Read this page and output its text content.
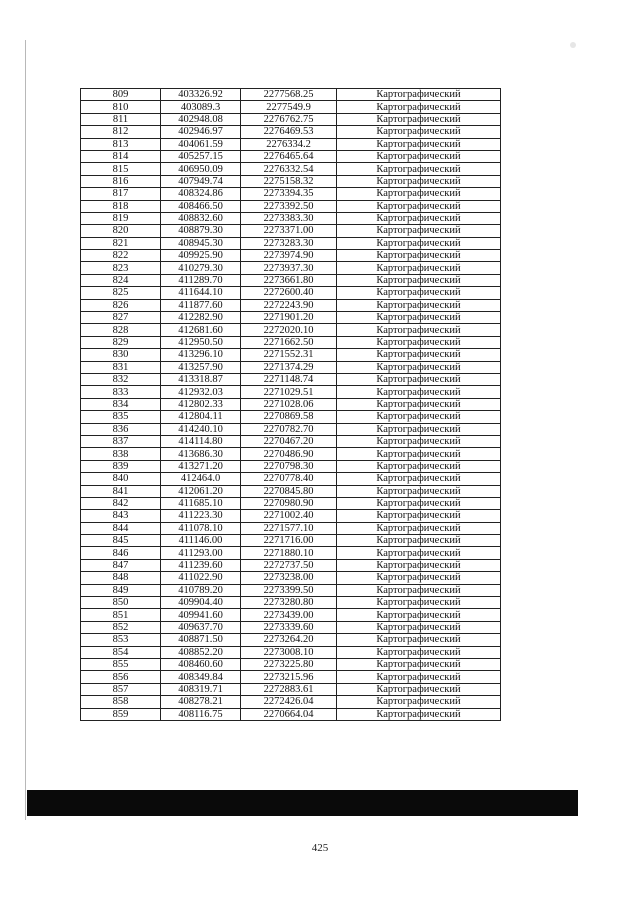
809	403326.92	2277568.25	Картографический
810	403089.3	2277549.9	Картографический
811	402948.08	2276762.75	Картографический
812	402946.97	2276469.53	Картографический
813	404061.59	2276334.2	Картографический
814	405257.15	2276465.64	Картографический
815	406950.09	2276332.54	Картографический
816	407949.74	2275158.32	Картографический
817	408324.86	2273394.35	Картографический
818	408466.50	2273392.50	Картографический
819	408832.60	2273383.30	Картографический
820	408879.30	2273371.00	Картографический
821	408945.30	2273283.30	Картографический
822	409925.90	2273974.90	Картографический
823	410279.30	2273937.30	Картографический
824	411289.70	2273661.80	Картографический
825	411644.10	2272600.40	Картографический
826	411877.60	2272243.90	Картографический
827	412282.90	2271901.20	Картографический
828	412681.60	2272020.10	Картографический
829	412950.50	2271662.50	Картографический
830	413296.10	2271552.31	Картографический
831	413257.90	2271374.29	Картографический
832	413318.87	2271148.74	Картографический
833	412932.03	2271029.51	Картографический
834	412802.33	2271028.06	Картографический
835	412804.11	2270869.58	Картографический
836	414240.10	2270782.70	Картографический
837	414114.80	2270467.20	Картографический
838	413686.30	2270486.90	Картографический
839	413271.20	2270798.30	Картографический
840	412464.0	2270778.40	Картографический
841	412061.20	2270845.80	Картографический
842	411685.10	2270980.90	Картографический
843	411223.30	2271002.40	Картографический
844	411078.10	2271577.10	Картографический
845	411146.00	2271716.00	Картографический
846	411293.00	2271880.10	Картографический
847	411239.60	2272737.50	Картографический
848	411022.90	2273238.00	Картографический
849	410789.20	2273399.50	Картографический
850	409904.40	2273280.80	Картографический
851	409941.60	2273439.00	Картографический
852	409637.70	2273339.60	Картографический
853	408871.50	2273264.20	Картографический
854	408852.20	2273008.10	Картографический
855	408460.60	2273225.80	Картографический
856	408349.84	2273215.96	Картографический
857	408319.71	2272883.61	Картографический
858	408278.21	2272426.04	Картографический
859	408116.75	2270664.04	Картографический
425
